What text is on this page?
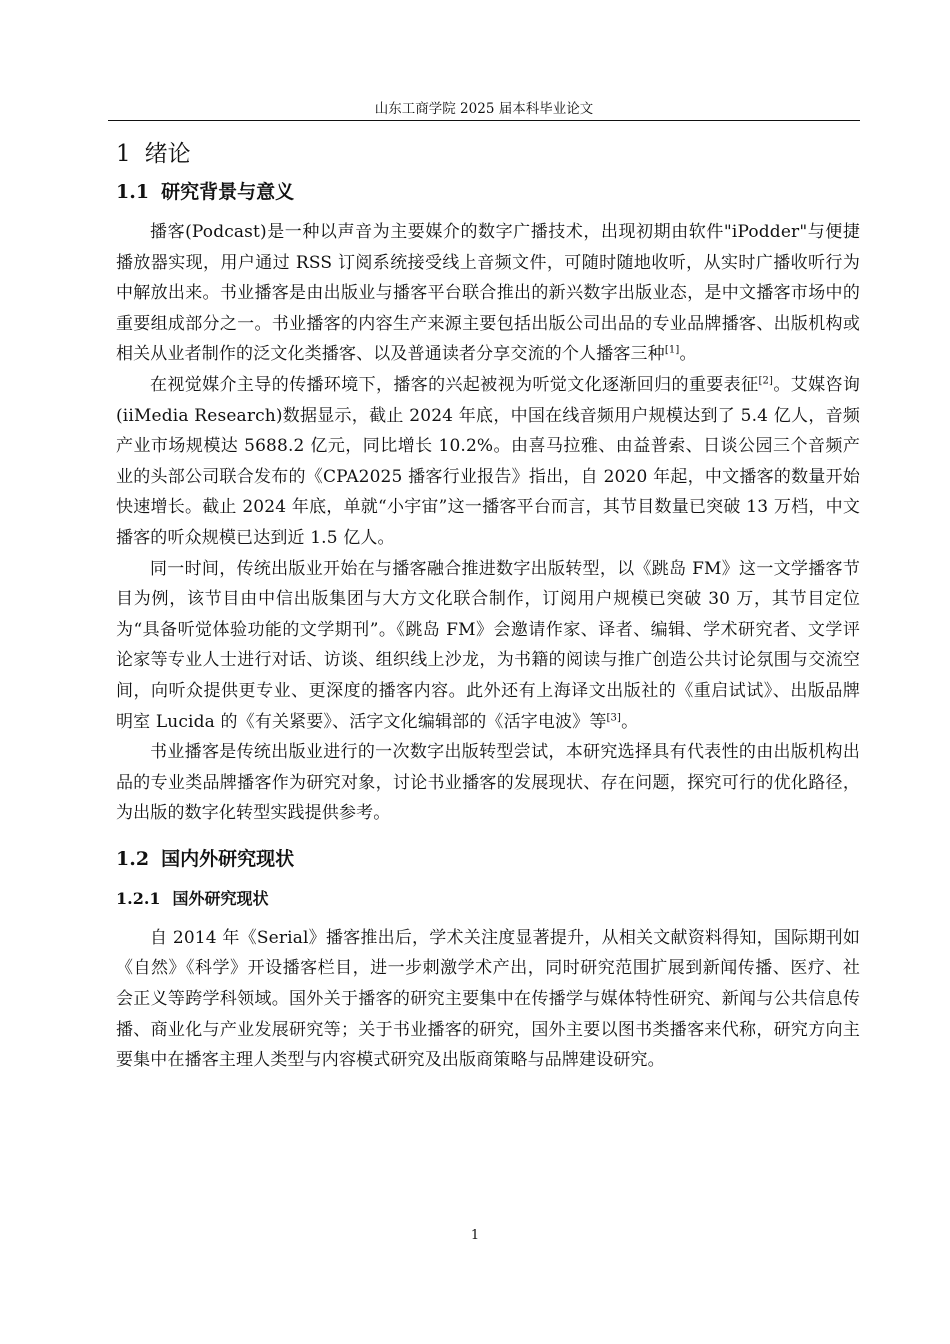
山东工商学院 2025 届本科毕业论文
1 绪论
1.1 研究背景与意义

播客(Podcast)是一种以声音为主要媒介的数字广播技术，出现初期由软件"iPodder"与便捷播放器实现，用户通过 RSS 订阅系统接受线上音频文件，可随时随地收听，从实时广播收听行为中解放出来。书业播客是由出版业与播客平台联合推出的新兴数字出版业态，是中文播客市场中的重要组成部分之一。书业播客的内容生产来源主要包括出版公司出品的专业品牌播客、出版机构或相关从业者制作的泛文化类播客、以及普通读者分享交流的个人播客三种[1]。

在视觉媒介主导的传播环境下，播客的兴起被视为听觉文化逐渐回归的重要表征[2]。艾媒咨询(iiMedia Research)数据显示，截止 2024 年底，中国在线音频用户规模达到了 5.4 亿人，音频产业市场规模达 5688.2 亿元，同比增长 10.2%。由喜马拉雅、由益普索、日谈公园三个音频产业的头部公司联合发布的《CPA2025 播客行业报告》指出，自 2020 年起，中文播客的数量开始快速增长。截止 2024 年底，单就“小宇宙”这一播客平台而言，其节目数量已突破 13 万档，中文播客的听众规模已达到近 1.5 亿人。

同一时间，传统出版业开始在与播客融合推进数字出版转型，以《跳岛 FM》这一文学播客节目为例，该节目由中信出版集团与大方文化联合制作，订阅用户规模已突破 30 万，其节目定位为“具备听觉体验功能的文学期刊”。《跳岛 FM》会邀请作家、译者、编辑、学术研究者、文学评论家等专业人士进行对话、访谈、组织线上沙龙，为书籍的阅读与推广创造公共讨论氛围与交流空间，向听众提供更专业、更深度的播客内容。此外还有上海译文出版社的《重启试试》、出版品牌明室 Lucida 的《有关紧要》、活字文化编辑部的《活字电波》等[3]。

书业播客是传统出版业进行的一次数字出版转型尝试，本研究选择具有代表性的由出版机构出品的专业类品牌播客作为研究对象，讨论书业播客的发展现状、存在问题，探究可行的优化路径，为出版的数字化转型实践提供参考。

1.2 国内外研究现状
1.2.1 国外研究现状

自 2014 年《Serial》播客推出后，学术关注度显著提升，从相关文献资料得知，国际期刊如《自然》《科学》开设播客栏目，进一步刺激学术产出，同时研究范围扩展到新闻传播、医疗、社会正义等跨学科领域。国外关于播客的研究主要集中在传播学与媒体特性研究、新闻与公共信息传播、商业化与产业发展研究等；关于书业播客的研究，国外主要以图书类播客来代称，研究方向主要集中在播客主理人类型与内容模式研究及出版商策略与品牌建设研究。

1
